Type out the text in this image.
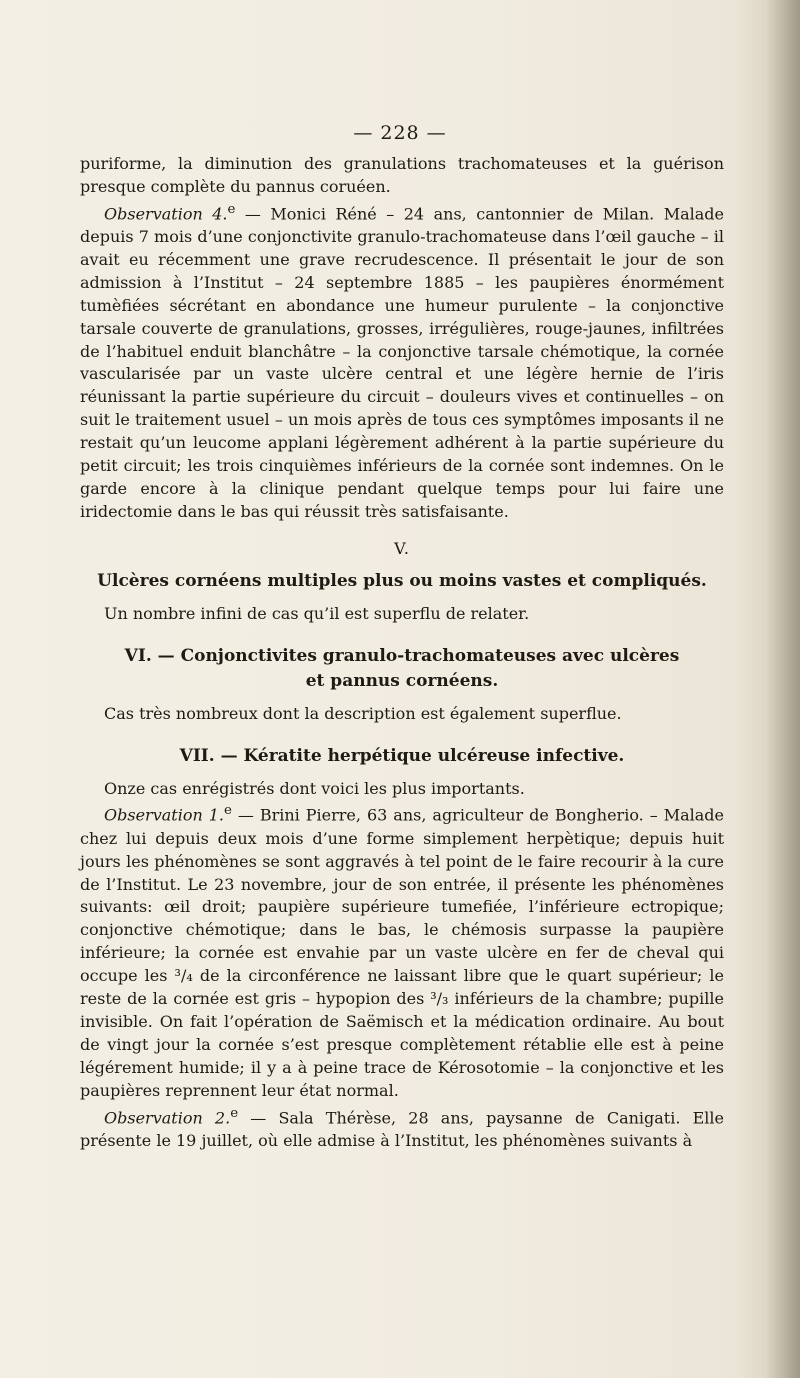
— 228 —

puriforme, la diminution des granulations trachomateuses et la guérison presque complète du pannus coruéen.

Observation 4.$^e$ — Monici Réné – 24 ans, cantonnier de Milan. Malade depuis 7 mois d’une conjonctivite granulo-trachomateuse dans l’œil gauche – il avait eu récemment une grave recrudescence. Il présentait le jour de son admission à l’Institut – 24 septembre 1885 – les paupières énormément tumèfiées sécrétant en abondance une humeur purulente – la conjonctive tarsale couverte de granulations, grosses, irrégulières, rouge-jaunes, infiltrées de l’habituel enduit blanchâtre – la conjonctive tarsale chémotique, la cornée vascularisée par un vaste ulcère central et une légère hernie de l’iris réunissant la partie supérieure du circuit – douleurs vives et continuelles – on suit le traitement usuel – un mois après de tous ces symptômes imposants il ne restait qu’un leucome applani légèrement adhérent à la partie supérieure du petit circuit; les trois cinquièmes inférieurs de la cornée sont indemnes. On le garde encore à la clinique pendant quelque temps pour lui faire une iridectomie dans le bas qui réussit très satisfaisante.

V.
Ulcères cornéens multiples plus ou moins vastes et compliqués.

Un nombre infini de cas qu’il est superflu de relater.

VI. — Conjonctivites granulo-trachomateuses avec ulcères
et pannus cornéens.

Cas très nombreux dont la description est également superflue.

VII. — Kératite herpétique ulcéreuse infective.

Onze cas enrégistrés dont voici les plus importants.

Observation 1.$^e$ — Brini Pierre, 63 ans, agriculteur de Bongherio. – Malade chez lui depuis deux mois d’une forme simplement herpètique; depuis huit jours les phénomènes se sont aggravés à tel point de le faire recourir à la cure de l’Institut. Le 23 novembre, jour de son entrée, il présente les phénomènes suivants: œil droit; paupière supérieure tumefiée, l’inférieure ectropique; conjonctive chémotique; dans le bas, le chémosis surpasse la paupière inférieure; la cornée est envahie par un vaste ulcère en fer de cheval qui occupe les ³/₄ de la circonférence ne laissant libre que le quart supérieur; le reste de la cornée est gris – hypopion des ³/₃ inférieurs de la chambre; pupille invisible. On fait l’opération de Saëmisch et la médication ordinaire. Au bout de vingt jour la cornée s’est presque complètement rétablie elle est à peine légérement humide; il y a à peine trace de Kérosotomie – la conjonctive et les paupières reprennent leur état normal.

Observation 2.$^e$ — Sala Thérèse, 28 ans, paysanne de Canigati. Elle présente le 19 juillet, où elle admise à l’Institut, les phénomènes suivants à
